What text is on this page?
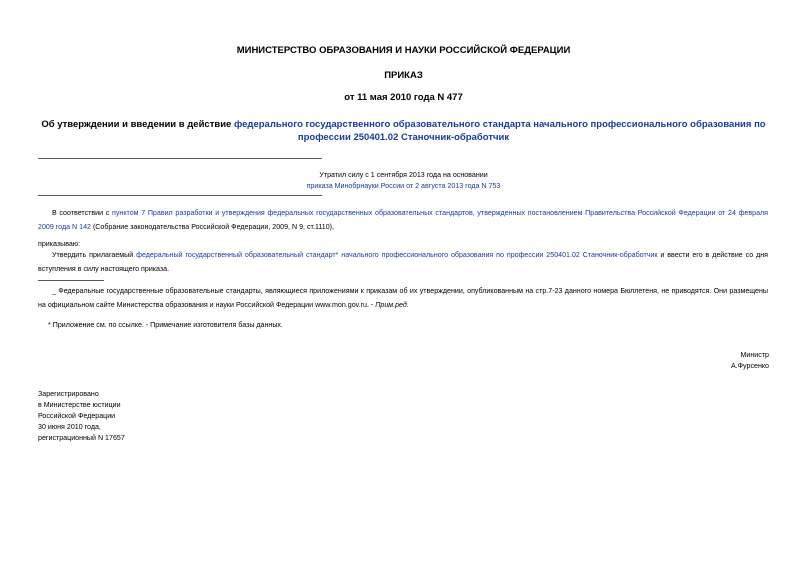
МИНИСТЕРСТВО ОБРАЗОВАНИЯ И НАУКИ РОССИЙСКОЙ ФЕДЕРАЦИИ
ПРИКАЗ
от 11 мая 2010 года N 477
Об утверждении и введении в действие федерального государственного образовательного стандарта начального профессионального образования по
профессии 250401.02 Станочник-обработчик
Утратил силу с 1 сентября 2013 года на основании
приказа Минобрнауки России от 2 августа 2013 года N 753
В соответствии с пунктом 7 Правил разработки и утверждения федеральных государственных образовательных стандартов, утвержденных постановлением Правительства Российской Федерации от 24 февраля 2009 года N 142 (Собрание законодательства Российской Федерации, 2009, N 9, ст.1110),
приказываю:
Утвердить прилагаемый федеральный государственный образовательный стандарт* начального профессионального образования по профессии 250401.02 Станочник-обработчик и ввести его в действие со дня вступления в силу настоящего приказа.
_ Федеральные государственные образовательные стандарты, являющиеся приложениями к приказам об их утверждении, опубликованным на стр.7-23 данного номера Бюллетеня, не приводятся. Они размещены на официальном сайте Министерства образования и науки Российской Федерации www.mon.gov.ru. - Прим.ред.
* Приложение см. по ссылке. - Примечание изготовителя базы данных.
Министр
А.Фурсенко
Зарегистрировано
в Министерстве юстиции
Российской Федерации
30 июня 2010 года,
регистрационный N 17657
